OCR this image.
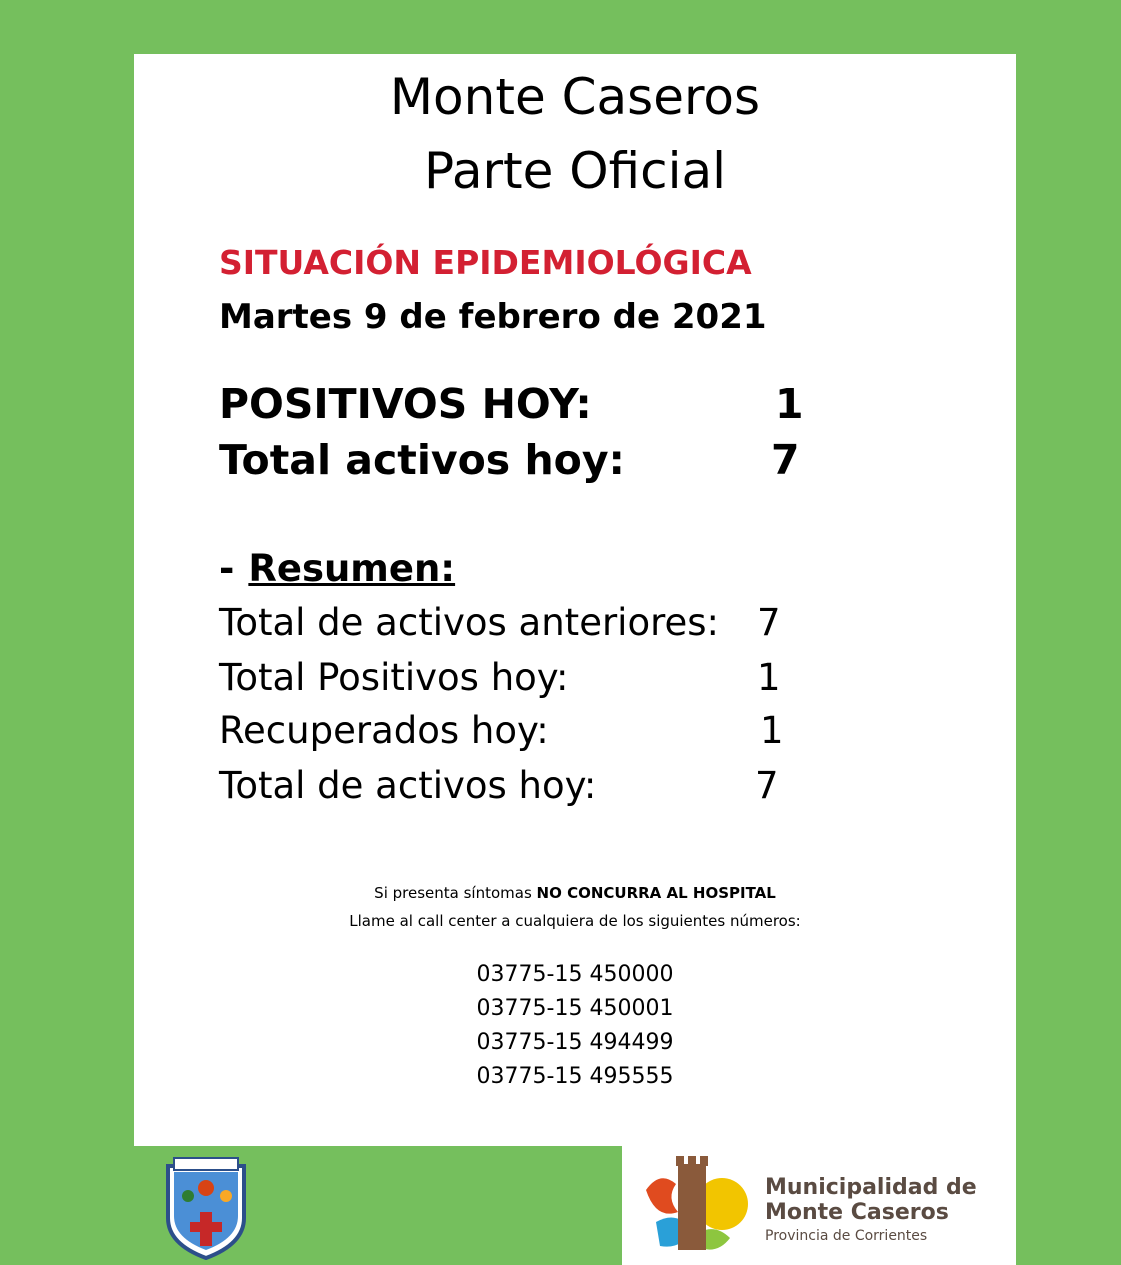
Monte Caseros
Parte Oficial
SITUACIÓN EPIDEMIOLÓGICA
Martes 9 de febrero de 2021
POSITIVOS HOY:	1
Total activos hoy:	7
- Resumen:
Total de activos anteriores: 7
Total Positivos hoy:	1
Recuperados hoy:	1
Total de activos hoy:	7
Si presenta síntomas NO CONCURRA AL HOSPITAL
Llame al call center a cualquiera de los siguientes números:
03775-15 450000
03775-15 450001
03775-15 494499
03775-15 495555
Municipalidad de
Monte Caseros
Provincia de Corrientes
